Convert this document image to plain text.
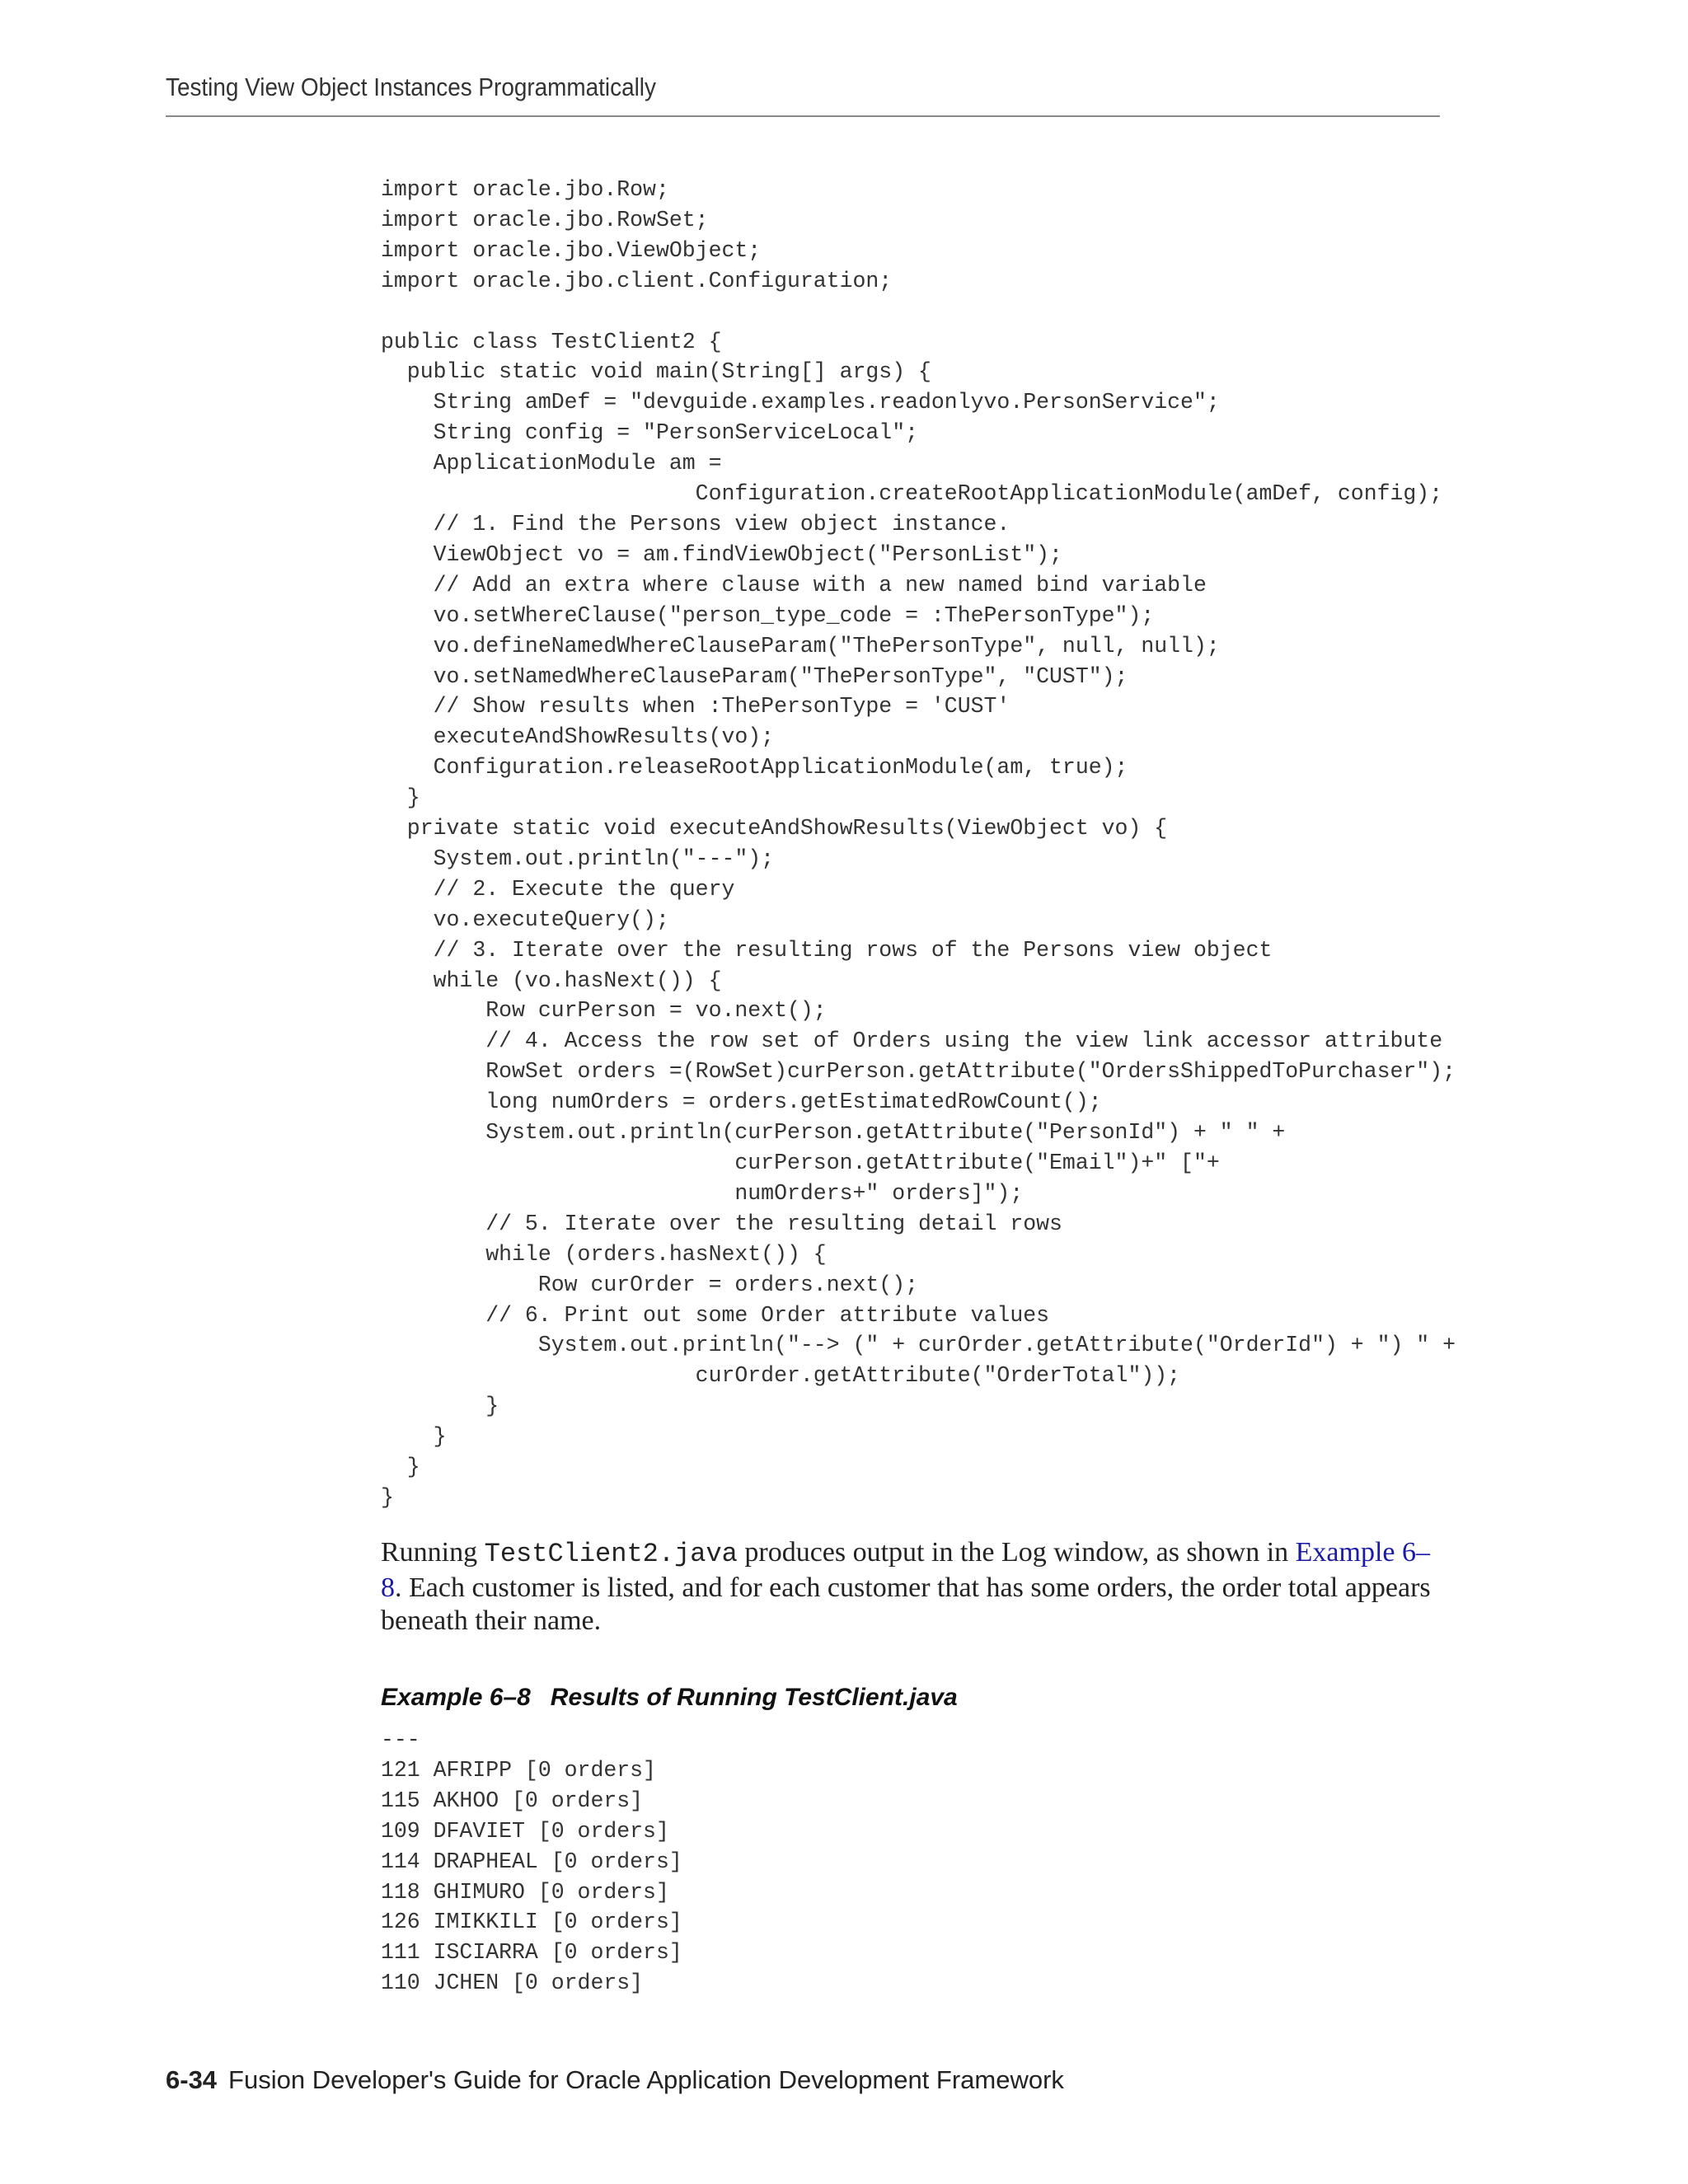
Testing View Object Instances Programmatically
import oracle.jbo.Row;
import oracle.jbo.RowSet;
import oracle.jbo.ViewObject;
import oracle.jbo.client.Configuration;

public class TestClient2 {
public static void main(String[] args) {
String amDef = "devguide.examples.readonlyvo.PersonService";
String config = "PersonServiceLocal";
ApplicationModule am =
Configuration.createRootApplicationModule(amDef, config);
// 1. Find the Persons view object instance.
ViewObject vo = am.findViewObject("PersonList");
// Add an extra where clause with a new named bind variable
vo.setWhereClause("person_type_code = :ThePersonType");
vo.defineNamedWhereClauseParam("ThePersonType", null, null);
vo.setNamedWhereClauseParam("ThePersonType", "CUST");
// Show results when :ThePersonType = 'CUST'
executeAndShowResults(vo);
Configuration.releaseRootApplicationModule(am, true);
}
private static void executeAndShowResults(ViewObject vo) {
System.out.println("---");
// 2. Execute the query
vo.executeQuery();
// 3. Iterate over the resulting rows of the Persons view object
while (vo.hasNext()) {
Row curPerson = vo.next();
// 4. Access the row set of Orders using the view link accessor attribute
RowSet orders =(RowSet)curPerson.getAttribute("OrdersShippedToPurchaser");
long numOrders = orders.getEstimatedRowCount();
System.out.println(curPerson.getAttribute("PersonId") + " " +
curPerson.getAttribute("Email")+" ["+
numOrders+" orders]");
// 5. Iterate over the resulting detail rows
while (orders.hasNext()) {
Row curOrder = orders.next();
// 6. Print out some Order attribute values
System.out.println("--> (" + curOrder.getAttribute("OrderId") + ") " +
curOrder.getAttribute("OrderTotal"));
}
}
}
}
Running TestClient2.java produces output in the Log window, as shown in Example 6–8. Each customer is listed, and for each customer that has some orders, the order total appears beneath their name.
Example 6–8 Results of Running TestClient.java
---
121 AFRIPP [0 orders]
115 AKHOO [0 orders]
109 DFAVIET [0 orders]
114 DRAPHEAL [0 orders]
118 GHIMURO [0 orders]
126 IMIKKILI [0 orders]
111 ISCIARRA [0 orders]
110 JCHEN [0 orders]
6-34 Fusion Developer's Guide for Oracle Application Development Framework
